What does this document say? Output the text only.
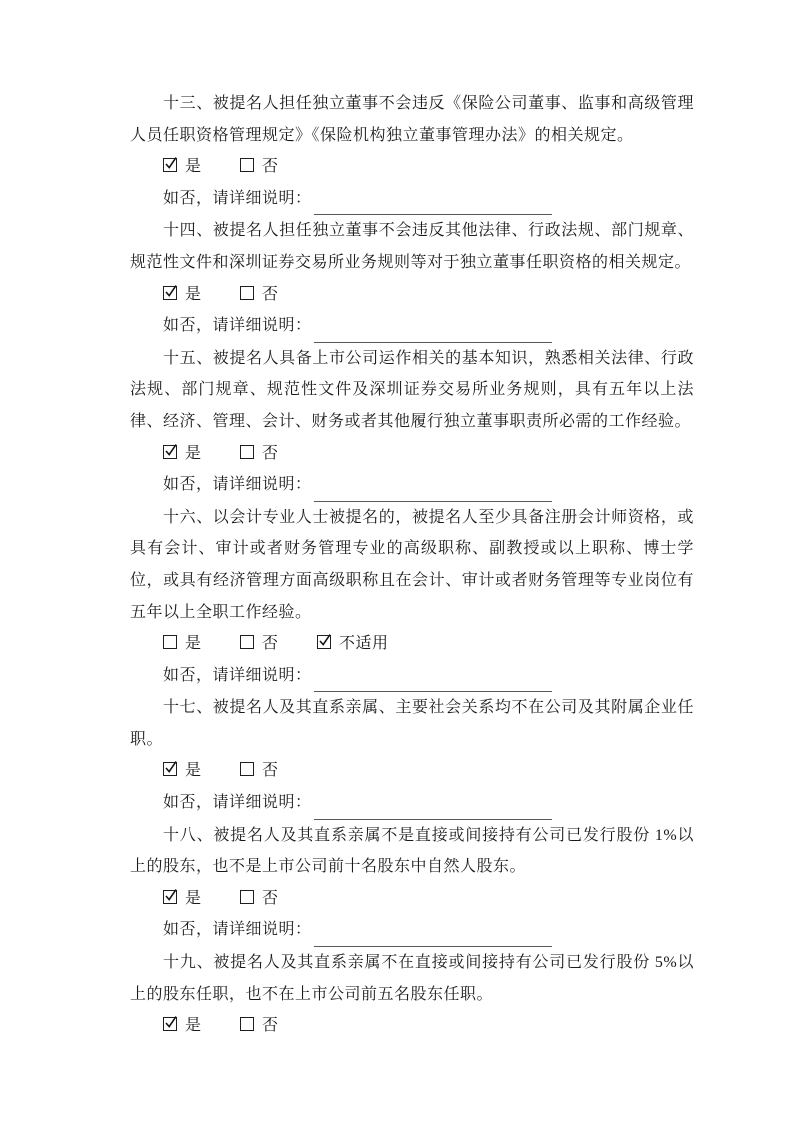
十三、被提名人担任独立董事不会违反《保险公司董事、监事和高级管理人员任职资格管理规定》《保险机构独立董事管理办法》的相关规定。

是	否
如否，请详细说明：

十四、被提名人担任独立董事不会违反其他法律、行政法规、部门规章、规范性文件和深圳证券交易所业务规则等对于独立董事任职资格的相关规定。

是	否
如否，请详细说明：

十五、被提名人具备上市公司运作相关的基本知识，熟悉相关法律、行政法规、部门规章、规范性文件及深圳证券交易所业务规则，具有五年以上法律、经济、管理、会计、财务或者其他履行独立董事职责所必需的工作经验。

是	否
如否，请详细说明：

十六、以会计专业人士被提名的，被提名人至少具备注册会计师资格，或具有会计、审计或者财务管理专业的高级职称、副教授或以上职称、博士学位，或具有经济管理方面高级职称且在会计、审计或者财务管理等专业岗位有五年以上全职工作经验。

是	否	不适用
如否，请详细说明：

十七、被提名人及其直系亲属、主要社会关系均不在公司及其附属企业任职。

是	否
如否，请详细说明：

十八、被提名人及其直系亲属不是直接或间接持有公司已发行股份 1%以上的股东，也不是上市公司前十名股东中自然人股东。

是	否
如否，请详细说明：

十九、被提名人及其直系亲属不在直接或间接持有公司已发行股份 5%以上的股东任职，也不在上市公司前五名股东任职。

是	否
